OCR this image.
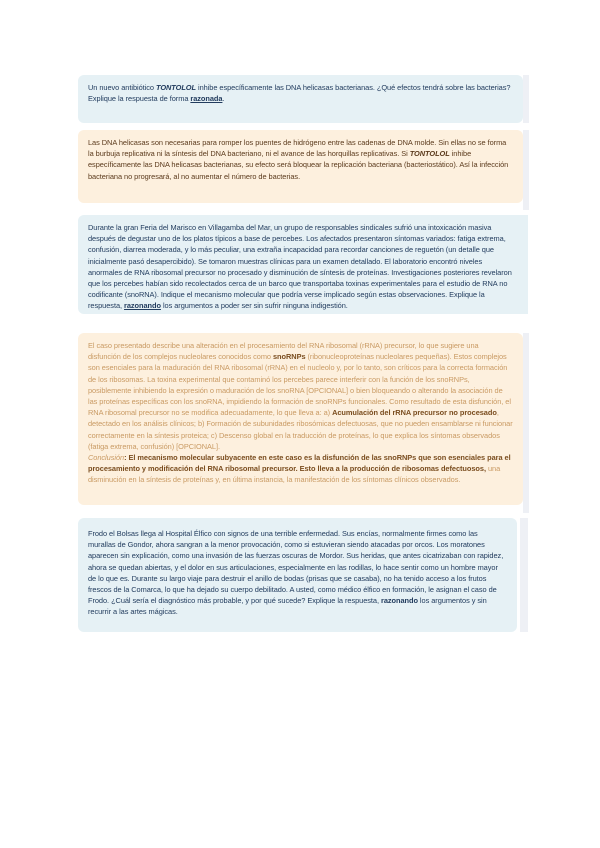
Un nuevo antibiótico TONTOLOL inhibe específicamente las DNA helicasas bacterianas. ¿Qué efectos tendrá sobre las bacterias? Explique la respuesta de forma razonada.

Las DNA helicasas son necesarias para romper los puentes de hidrógeno entre las cadenas de DNA molde. Sin ellas no se forma la burbuja replicativa ni la síntesis del DNA bacteriano, ni el avance de las horquillas replicativas. Si TONTOLOL inhibe específicamente las DNA helicasas bacterianas, su efecto será bloquear la replicación bacteriana (bacteriostático). Así la infección bacteriana no progresará, al no aumentar el número de bacterias.

Durante la gran Feria del Marisco en Villagamba del Mar, un grupo de responsables sindicales sufrió una intoxicación masiva después de degustar uno de los platos típicos a base de percebes. Los afectados presentaron síntomas variados: fatiga extrema, confusión, diarrea moderada, y lo más peculiar, una extraña incapacidad para recordar canciones de reguetón (un detalle que inicialmente pasó desapercibido). Se tomaron muestras clínicas para un examen detallado. El laboratorio encontró niveles anormales de RNA ribosomal precursor no procesado y disminución de síntesis de proteínas. Investigaciones posteriores revelaron que los percebes habían sido recolectados cerca de un barco que transportaba toxinas experimentales para el estudio de RNA no codificante (snoRNA). Indique el mecanismo molecular que podría verse implicado según estas observaciones. Explique la respuesta, razonando los argumentos a poder ser sin sufrir ninguna indigestión.

El caso presentado describe una alteración en el procesamiento del RNA ribosomal (rRNA) precursor, lo que sugiere una disfunción de los complejos nucleolares conocidos como snoRNPs (ribonucleoproteínas nucleolares pequeñas). Estos complejos son esenciales para la maduración del RNA ribosomal (rRNA) en el nucleolo y, por lo tanto, son críticos para la correcta formación de los ribosomas. La toxina experimental que contaminó los percebes parece interferir con la función de los snoRNPs, posiblemente inhibiendo la expresión o maduración de los snoRNA [OPCIONAL] o bien bloqueando o alterando la asociación de las proteínas específicas con los snoRNA, impidiendo la formación de snoRNPs funcionales. Como resultado de esta disfunción, el RNA ribosomal precursor no se modifica adecuadamente, lo que lleva a: a) Acumulación del rRNA precursor no procesado, detectado en los análisis clínicos; b) Formación de subunidades ribosómicas defectuosas, que no pueden ensamblarse ni funcionar correctamente en la síntesis proteica; c) Descenso global en la traducción de proteínas, lo que explica los síntomas observados (fatiga extrema, confusión) [OPCIONAL].

Conclusión: El mecanismo molecular subyacente en este caso es la disfunción de las snoRNPs que son esenciales para el procesamiento y modificación del RNA ribosomal precursor. Esto lleva a la producción de ribosomas defectuosos, una disminución en la síntesis de proteínas y, en última instancia, la manifestación de los síntomas clínicos observados.

Frodo el Bolsas llega al Hospital Élfico con signos de una terrible enfermedad. Sus encías, normalmente firmes como las murallas de Gondor, ahora sangran a la menor provocación, como si estuvieran siendo atacadas por orcos. Los moratones aparecen sin explicación, como una invasión de las fuerzas oscuras de Mordor. Sus heridas, que antes cicatrizaban con rapidez, ahora se quedan abiertas, y el dolor en sus articulaciones, especialmente en las rodillas, lo hace sentir como un hombre mayor de lo que es. Durante su largo viaje para destruir el anillo de bodas (prisas que se casaba), no ha tenido acceso a los frutos frescos de la Comarca, lo que ha dejado su cuerpo debilitado. A usted, como médico élfico en formación, le asignan el caso de Frodo. ¿Cuál sería el diagnóstico más probable, y por qué sucede? Explique la respuesta, razonando los argumentos y sin recurrir a las artes mágicas.
